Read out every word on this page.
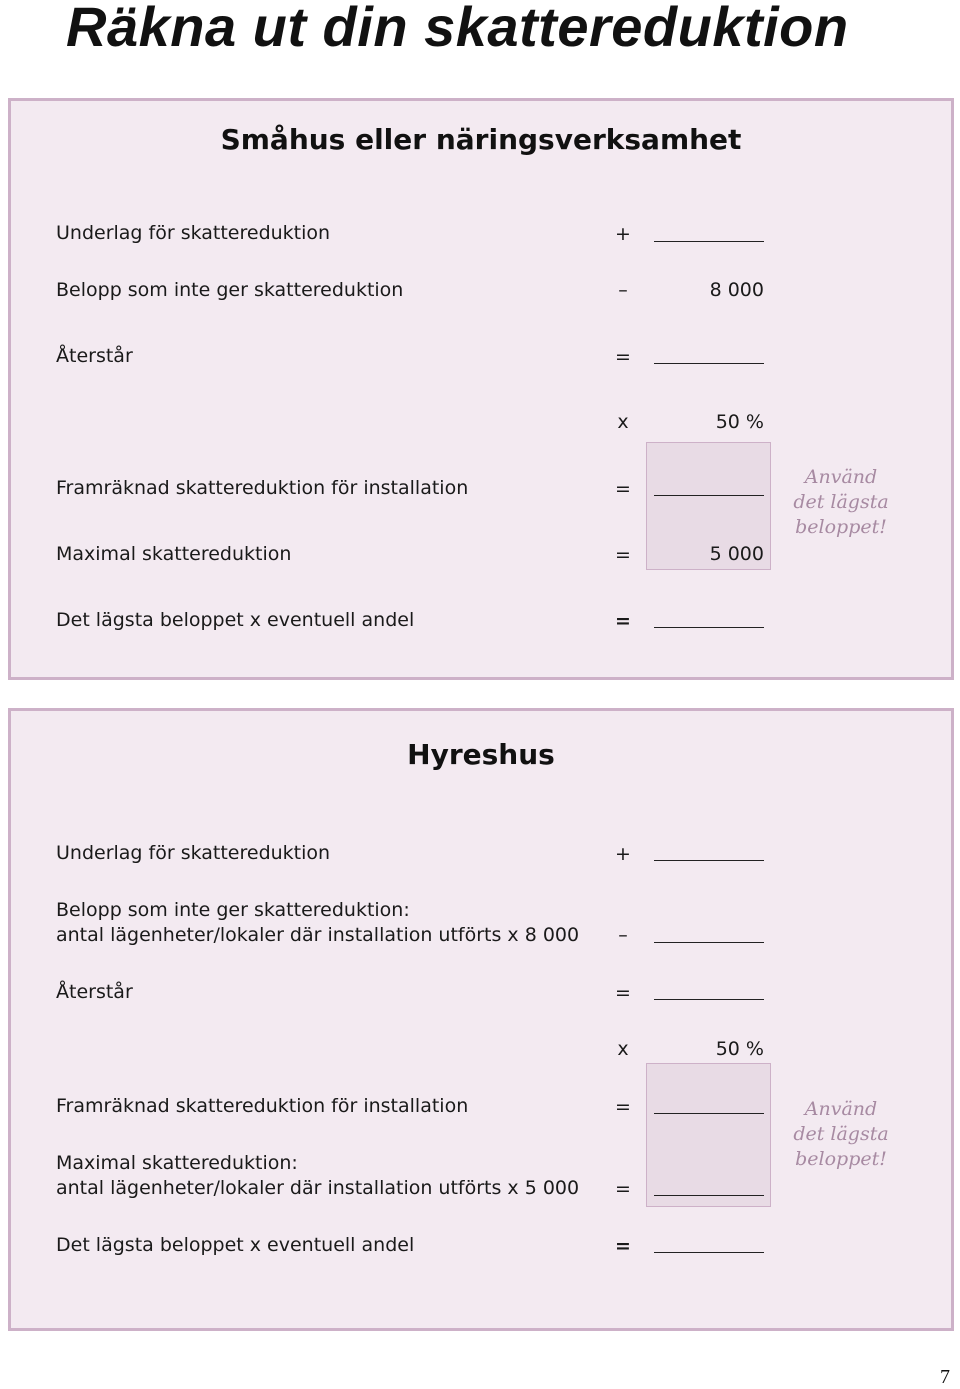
Räkna ut din skattereduktion
Småhus eller näringsverksamhet
Underlag för skattereduktion	+
Belopp som inte ger skattereduktion	–	8 000
Återstår	=
x	50 %
Framräknad skattereduktion för installation	=
Maximal skattereduktion	=	5 000
Använd
det lägsta
beloppet!
Det lägsta beloppet x eventuell andel	=
Hyreshus
Underlag för skattereduktion	+
Belopp som inte ger skattereduktion:
antal lägenheter/lokaler där installation utförts x 8 000	–
Återstår	=
x	50 %
Framräknad skattereduktion för installation	=
Maximal skattereduktion:
antal lägenheter/lokaler där installation utförts x 5 000 =
Använd
det lägsta
beloppet!
Det lägsta beloppet x eventuell andel	=
7
